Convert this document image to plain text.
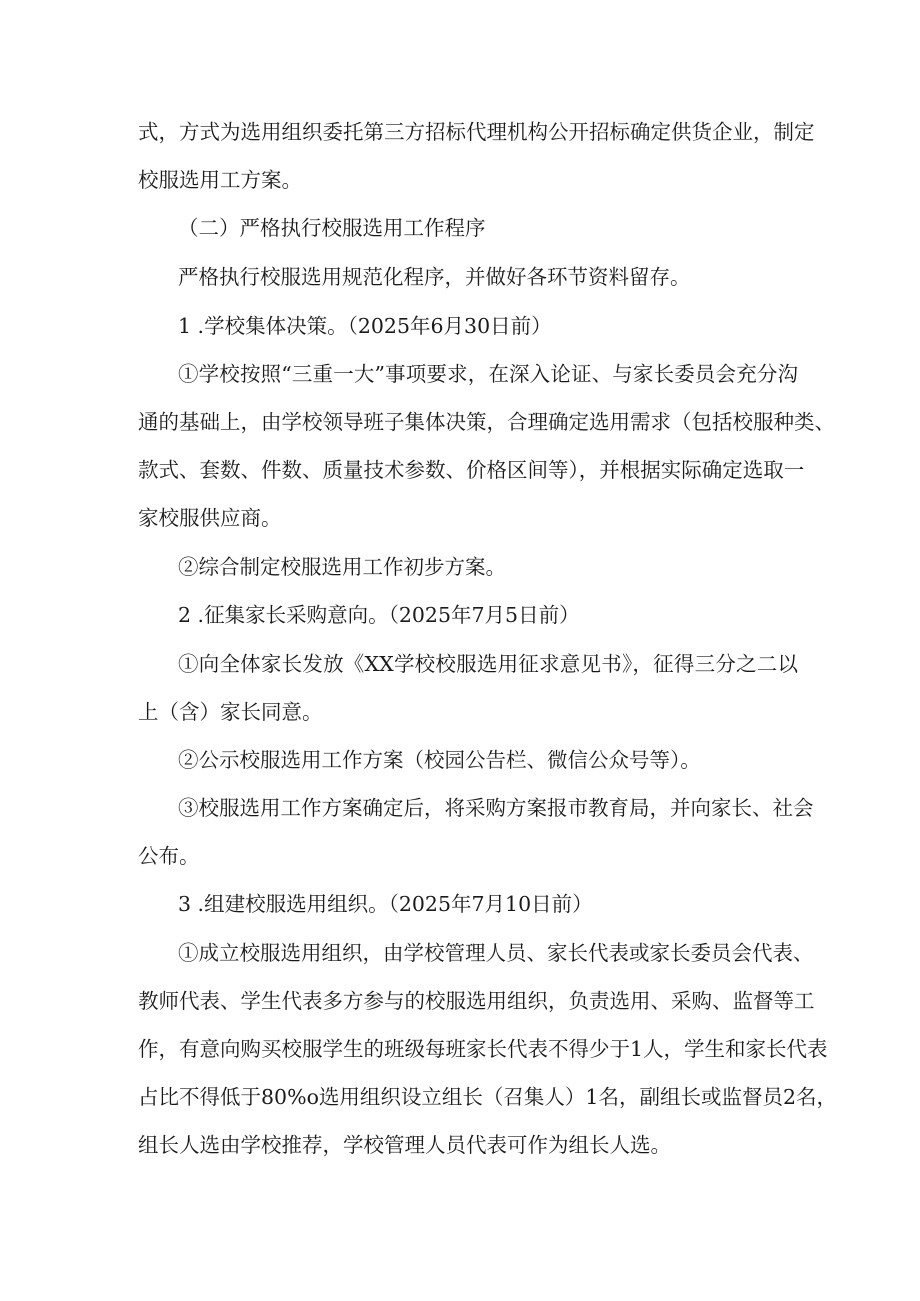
式，方式为选用组织委托第三方招标代理机构公开招标确定供货企业，制定
校服选用工方案。
（二）严格执行校服选用工作程序
严格执行校服选用规范化程序，并做好各环节资料留存。
1 .学校集体决策。（2025年6月30日前）
①学校按照“三重一大”事项要求，在深入论证、与家长委员会充分沟
通的基础上，由学校领导班子集体决策，合理确定选用需求（包括校服种类、
款式、套数、件数、质量技术参数、价格区间等），并根据实际确定选取一
家校服供应商。
②综合制定校服选用工作初步方案。
2 .征集家长采购意向。（2025年7月5日前）
①向全体家长发放《XX学校校服选用征求意见书》，征得三分之二以
上（含）家长同意。
②公示校服选用工作方案（校园公告栏、微信公众号等）。
③校服选用工作方案确定后，将采购方案报市教育局，并向家长、社会
公布。
3 .组建校服选用组织。（2025年7月10日前）
①成立校服选用组织，由学校管理人员、家长代表或家长委员会代表、
教师代表、学生代表多方参与的校服选用组织，负责选用、采购、监督等工
作，有意向购买校服学生的班级每班家长代表不得少于1人，学生和家长代表
占比不得低于80%o选用组织设立组长（召集人）1名，副组长或监督员2名，
组长人选由学校推荐，学校管理人员代表可作为组长人选。
